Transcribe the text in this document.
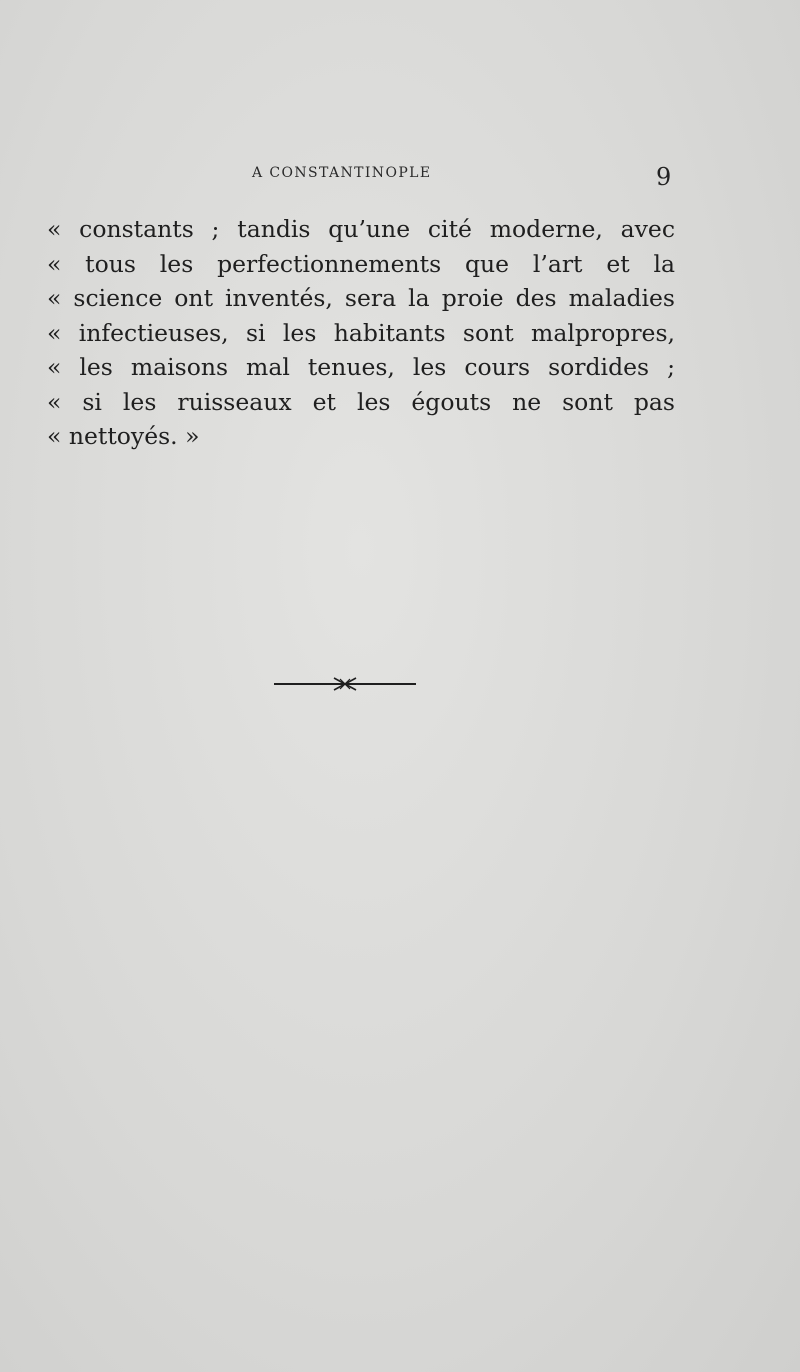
A CONSTANTINOPLE	9
« constants ; tandis qu’une cité moderne, avec
« tous les perfectionnements que l’art et la
« science ont inventés, sera la proie des maladies
« infectieuses, si les habitants sont malpropres,
« les maisons mal tenues, les cours sordides ;
« si les ruisseaux et les égouts ne sont pas
« nettoyés. »
